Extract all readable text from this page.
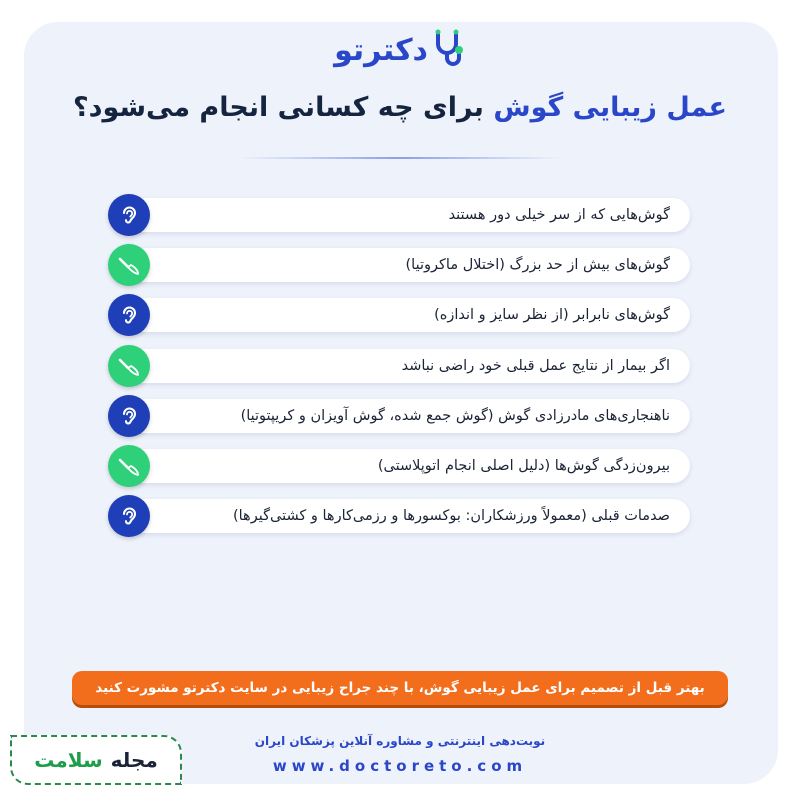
دکترتو
عمل زیبایی گوش برای چه کسانی انجام می‌شود؟
گوش‌هایی که از سر خیلی دور هستند
گوش‌های بیش از حد بزرگ (اختلال ماکروتیا)
گوش‌های نابرابر (از نظر سایز و اندازه)
اگر بیمار از نتایج عمل قبلی خود راضی نباشد
ناهنجاری‌های مادرزادی گوش (گوش جمع شده، گوش آویزان و کریپتوتیا)
بیرون‌زدگی گوش‌ها (دلیل اصلی انجام اتوپلاستی)
صدمات قبلی (معمولاً ورزشکاران: بوکسورها و رزمی‌کارها و کشتی‌گیرها)
بهتر قبل از تصمیم برای عمل زیبایی گوش، با چند جراح زیبایی در سایت دکترتو مشورت کنید
نوبت‌دهی اینترنتی و مشاوره آنلاین پزشکان ایران
www.doctoreto.com
مجله
سلامت
